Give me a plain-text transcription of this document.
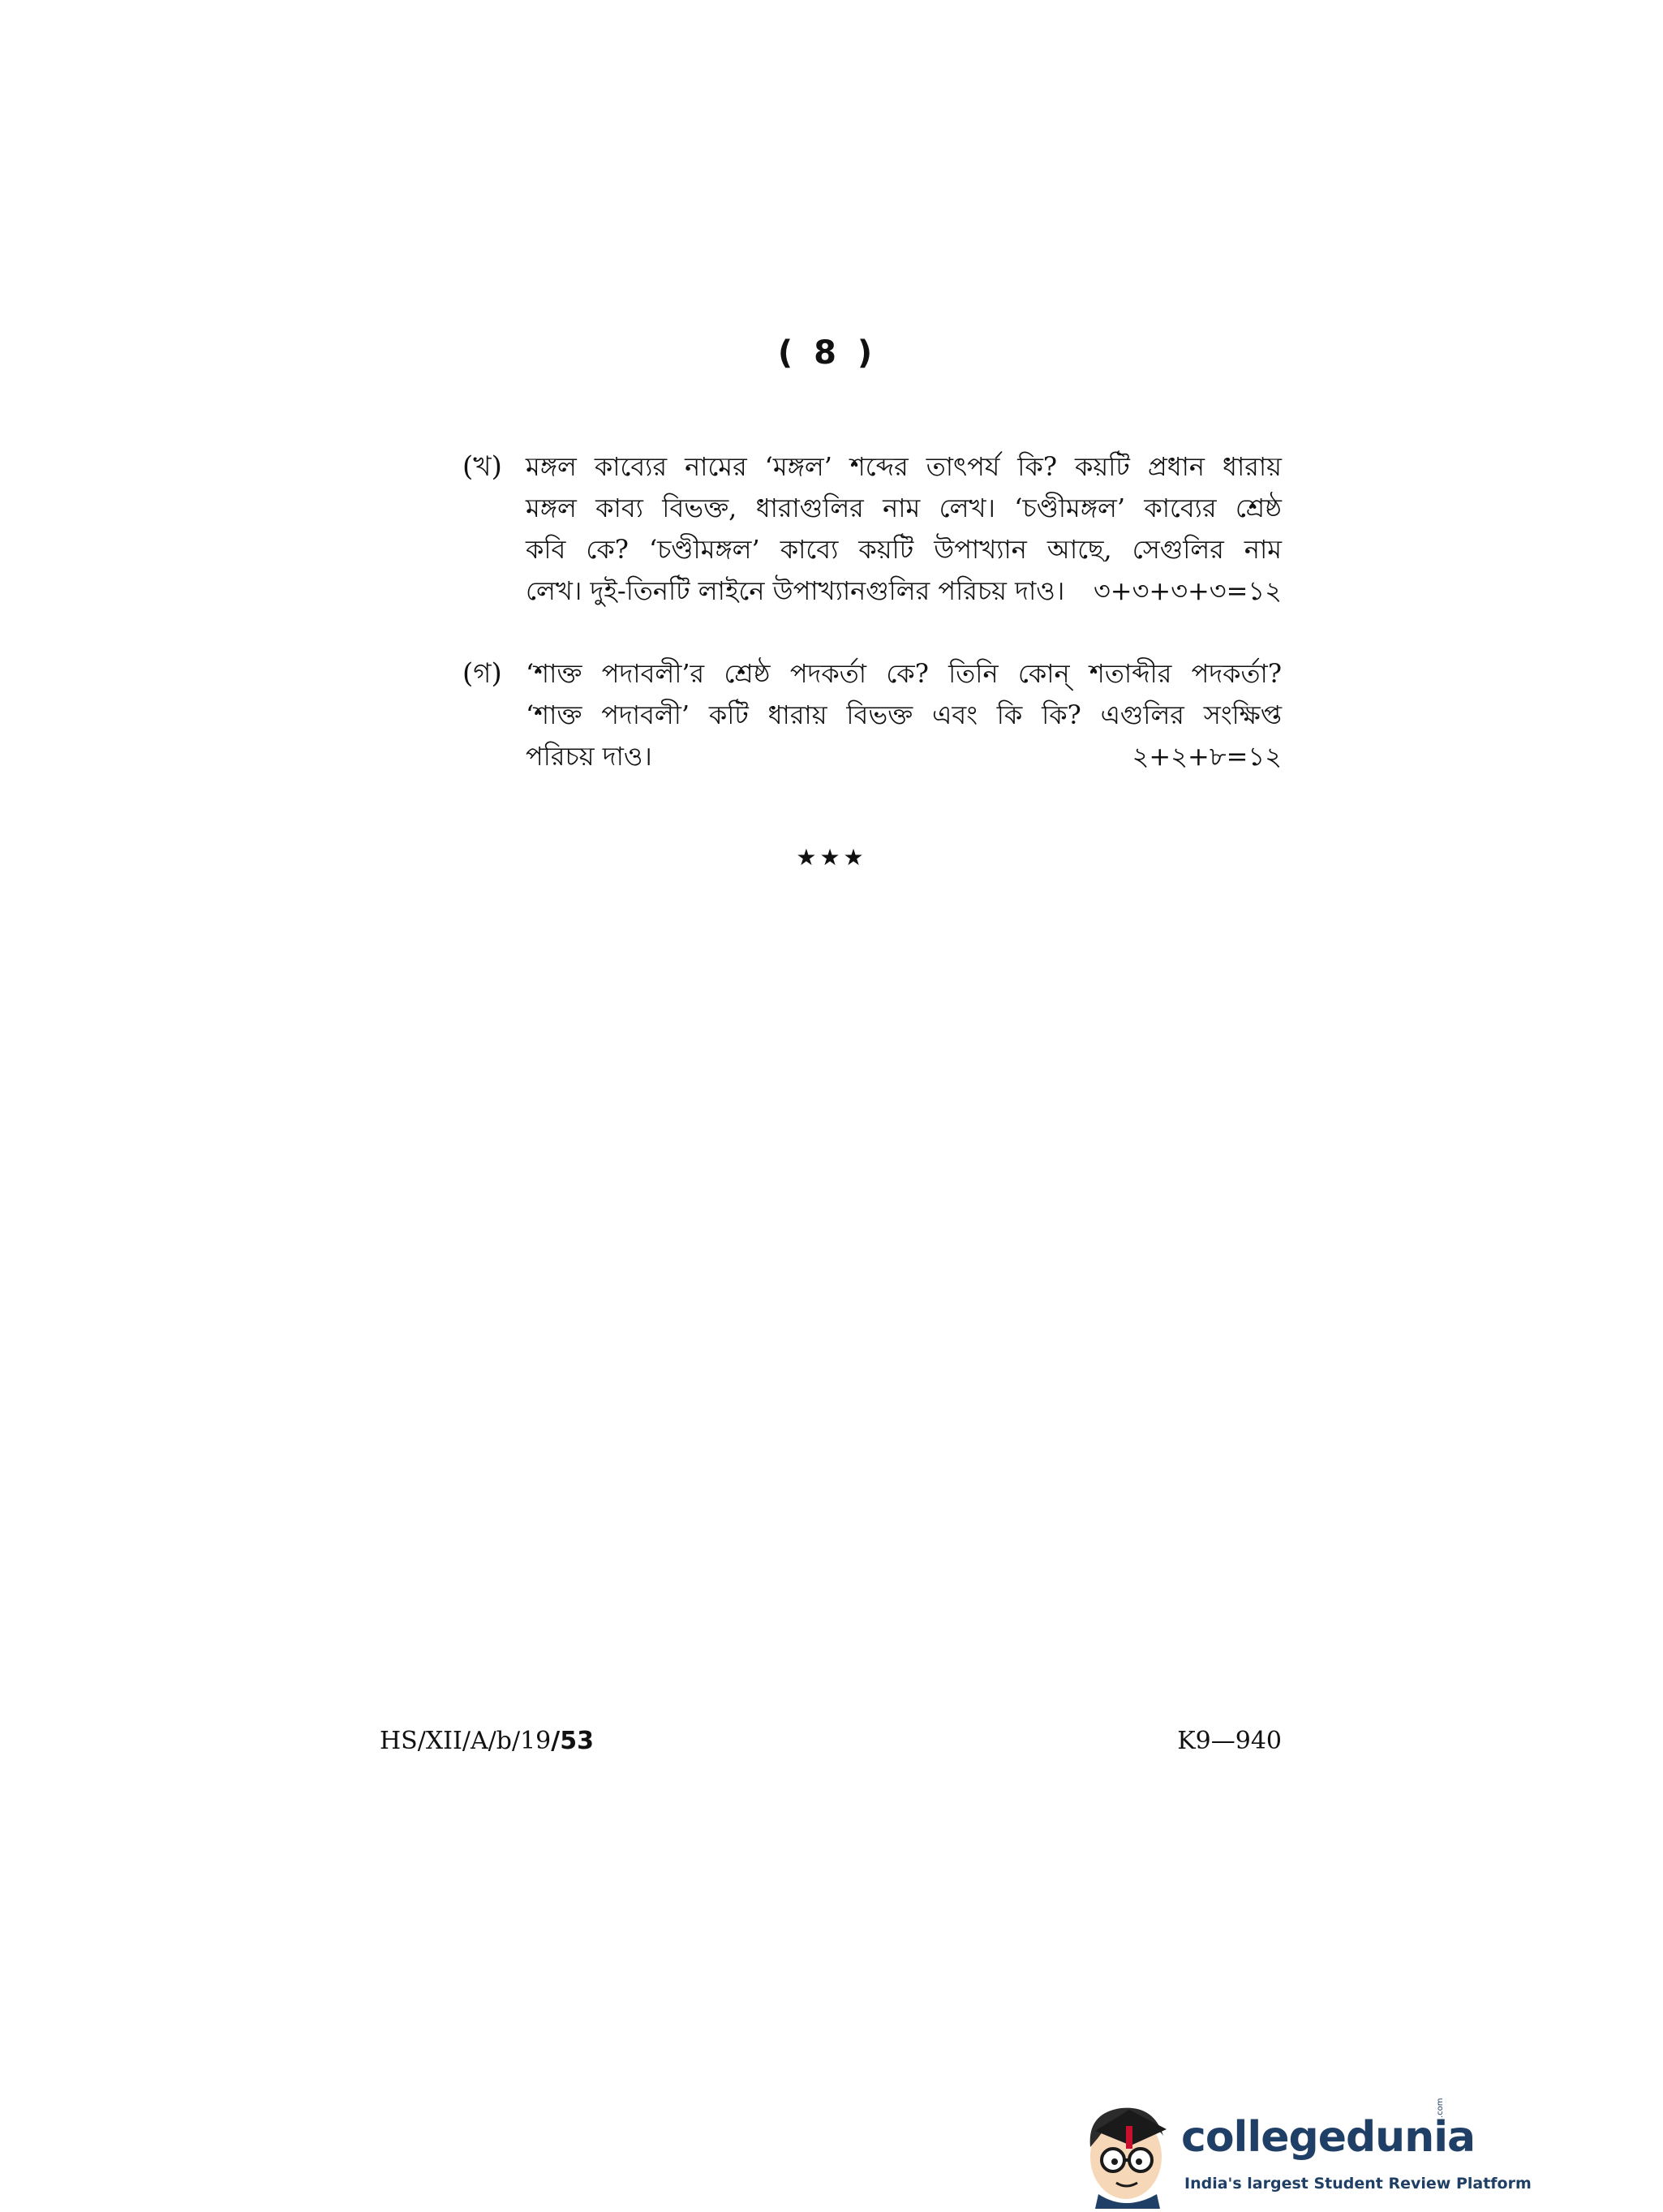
( 8 )
(খ) মঙ্গল কাব্যের নামের ‘মঙ্গল’ শব্দের তাৎপর্য কি? কয়টি প্রধান ধারায়
মঙ্গল কাব্য বিভক্ত, ধারাগুলির নাম লেখ। ‘চণ্ডীমঙ্গল’ কাব্যের শ্রেষ্ঠ
কবি কে? ‘চণ্ডীমঙ্গল’ কাব্যে কয়টি উপাখ্যান আছে, সেগুলির নাম
লেখ। দুই-তিনটি লাইনে উপাখ্যানগুলির পরিচয় দাও। ৩+৩+৩+৩=১২
(গ) ‘শাক্ত পদাবলী’র শ্রেষ্ঠ পদকর্তা কে? তিনি কোন্ শতাব্দীর পদকর্তা?
‘শাক্ত পদাবলী’ কটি ধারায় বিভক্ত এবং কি কি? এগুলির সংক্ষিপ্ত
পরিচয় দাও।	২+২+৮=১২
★★★
HS/XII/A/b/19/53	K9—940
collegedunia
.com
India's largest Student Review Platform
